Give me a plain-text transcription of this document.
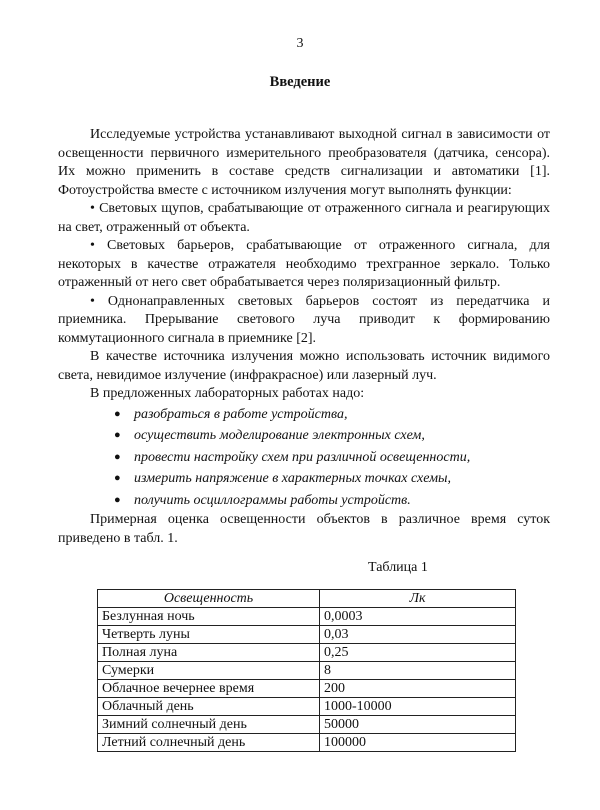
3
Введение

Исследуемые устройства устанавливают выходной сигнал в зависимости от освещенности первичного измерительного преобразователя (датчика, сенсора). Их можно применить в составе средств сигнализации и автоматики [1]. Фотоустройства вместе с источником излучения могут выполнять функции:

• Световых щупов, срабатывающие от отраженного сигнала и реагирующих на свет, отраженный от объекта.

• Световых барьеров, срабатывающие от отраженного сигнала, для некоторых в качестве отражателя необходимо трехгранное зеркало. Только отраженный от него свет обрабатывается через поляризационный фильтр.

• Однонаправленных световых барьеров состоят из передатчика и приемника. Прерывание светового луча приводит к формированию коммутационного сигнала в приемнике [2].

В качестве источника излучения можно использовать источник видимого света, невидимое излучение (инфракрасное) или лазерный луч.

В предложенных лабораторных работах надо:

● разобраться в работе устройства,
● осуществить моделирование электронных схем,
● провести настройку схем при различной освещенности,
● измерить напряжение в характерных точках схемы,
● получить осциллограммы работы устройств.

Примерная оценка освещенности объектов в различное время суток приведено в табл. 1.

Таблица 1
Освещенность	Лк
Безлунная ночь	0,0003
Четверть луны	0,03
Полная луна	0,25
Сумерки	8
Облачное вечернее время	200
Облачный день	1000-10000
Зимний солнечный день	50000
Летний солнечный день	100000
